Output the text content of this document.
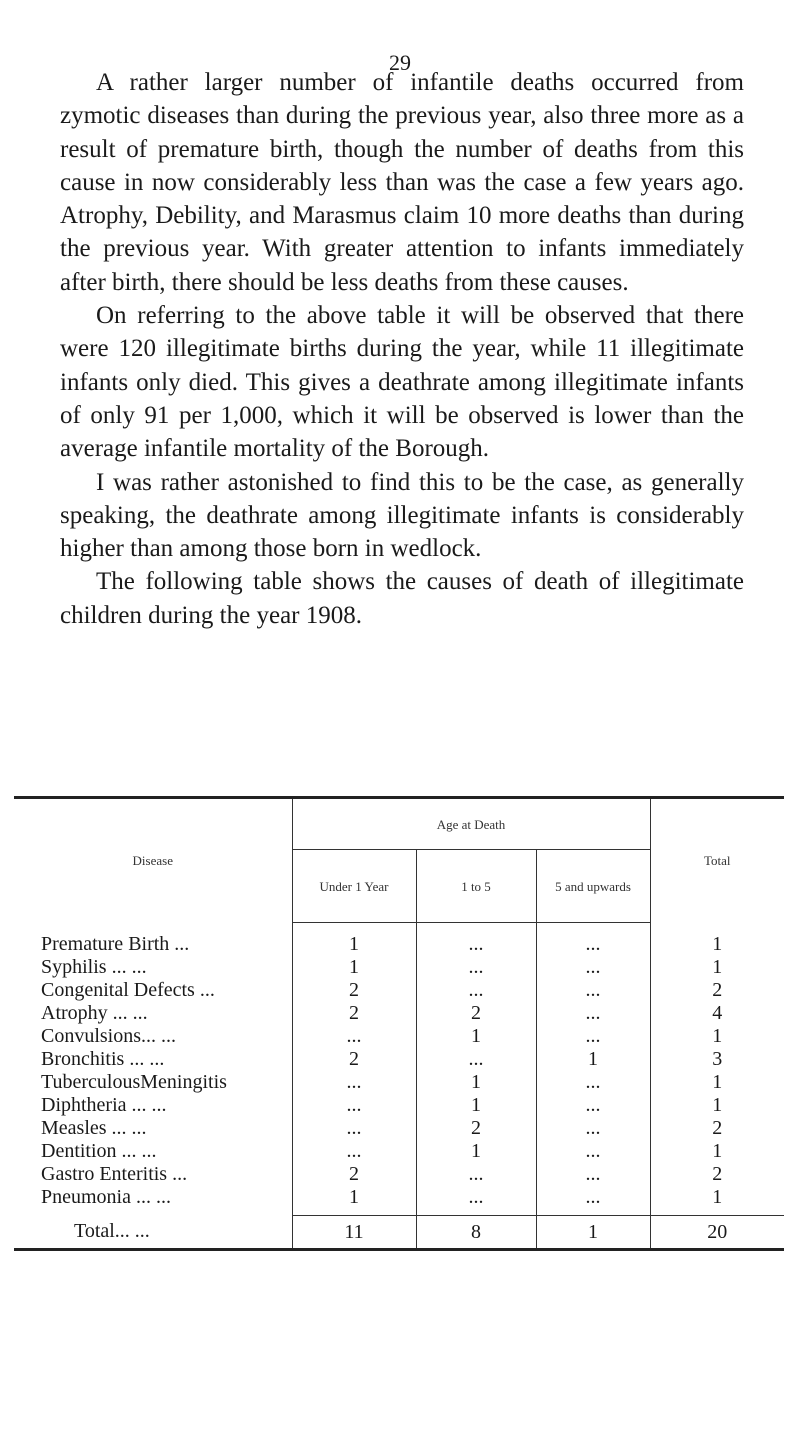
29

A rather larger number of infantile deaths occurred from zymotic diseases than during the previous year, also three more as a result of premature birth, though the number of deaths from this cause in now considerably less than was the case a few years ago. Atrophy, Debility, and Marasmus claim 10 more deaths than during the previous year. With greater attention to infants immediately after birth, there should be less deaths from these causes.

On referring to the above table it will be observed that there were 120 illegitimate births during the year, while 11 illegitimate infants only died. This gives a deathrate among illegitimate infants of only 91 per 1,000, which it will be observed is lower than the average infantile mortality of the Borough.

I was rather astonished to find this to be the case, as generally speaking, the deathrate among illegitimate infants is considerably higher than among those born in wedlock.

The following table shows the causes of death of illegitimate children during the year 1908.

Disease	Age at Death			Total
	Under 1 Year	1 to 5	5 and upwards	
Premature Birth ...	1	...	...	1
Syphilis ... ...	1	...	...	1
Congenital Defects ...	2	...	...	2
Atrophy ... ...	2	2	...	4
Convulsions... ...	...	1	...	1
Bronchitis ... ...	2	...	1	3
TuberculousMeningitis	...	1	...	1
Diphtheria ... ...	...	1	...	1
Measles ... ...	...	2	...	2
Dentition ... ...	...	1	...	1
Gastro Enteritis ...	2	...	...	2
Pneumonia ... ...	1	...	...	1
Total... ...	11	8	1	20
